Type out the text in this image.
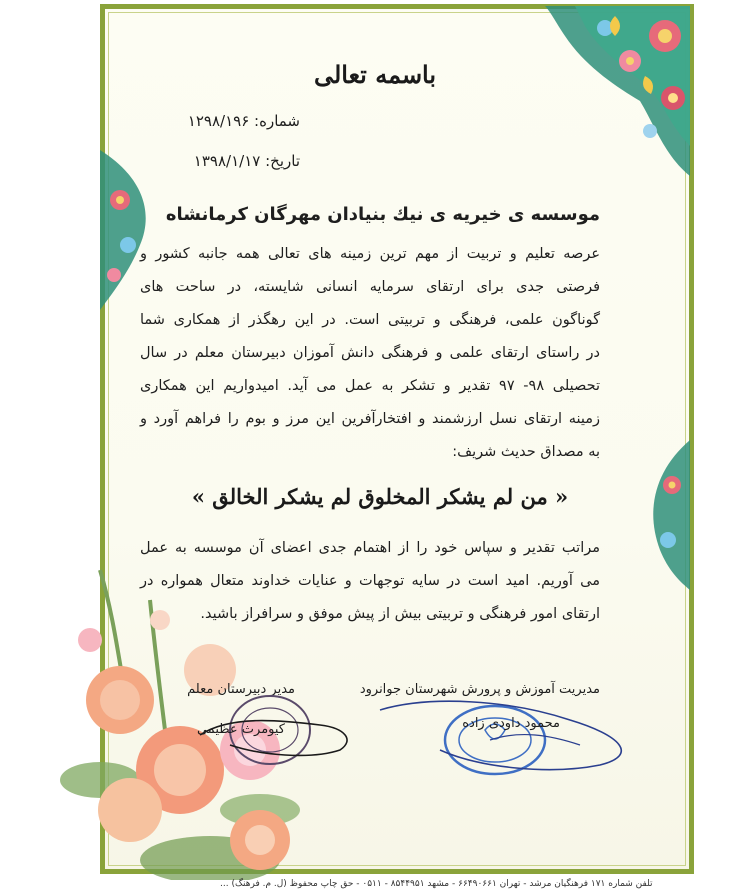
باسمه تعالی
شماره: ۱۲۹۸/۱۹۶
تاریخ: ۱۳۹۸/۱/۱۷
موسسه ی خیریه ی نیك بنیادان مهرگان كرمانشاه
عرصه تعلیم و تربیت از مهم ترین زمینه های تعالی همه جانبه کشور و
فرصتی جدی برای ارتقای سرمایه انسانی شایسته، در ساحت های
گوناگون علمی، فرهنگی و تربیتی است. در این رهگذر از همکاری شما
در راستای ارتقای علمی و فرهنگی دانش آموزان دبیرستان معلم در سال
تحصیلی ۹۸- ۹۷ تقدیر و تشکر به عمل می آید. امیدواریم این همکاری
زمینه ارتقای نسل ارزشمند و افتخارآفرین این مرز و بوم را فراهم آورد و
به مصداق حدیث شریف:
« من لم یشکر المخلوق لم یشکر الخالق »
مراتب تقدیر و سپاس خود را از اهتمام جدی اعضای آن موسسه به عمل
می آوریم. امید است در سایه توجهات و عنایات خداوند متعال همواره در
ارتقای امور فرهنگی و تربیتی بیش از پیش موفق و سرافراز باشید.
مدیریت آموزش و پرورش شهرستان جوانرود
مدیر دبیرستان معلم
محمود داودی زاده
کیومرث عظیمی
تلفن شماره ۱۷۱ فرهنگیان مرشد - تهران ۶۶۴۹۰۶۶۱ - مشهد ۸۵۴۴۹۵۱ - ۰۵۱۱ - حق چاپ محفوظ (ل. م. فرهنگ) ...
